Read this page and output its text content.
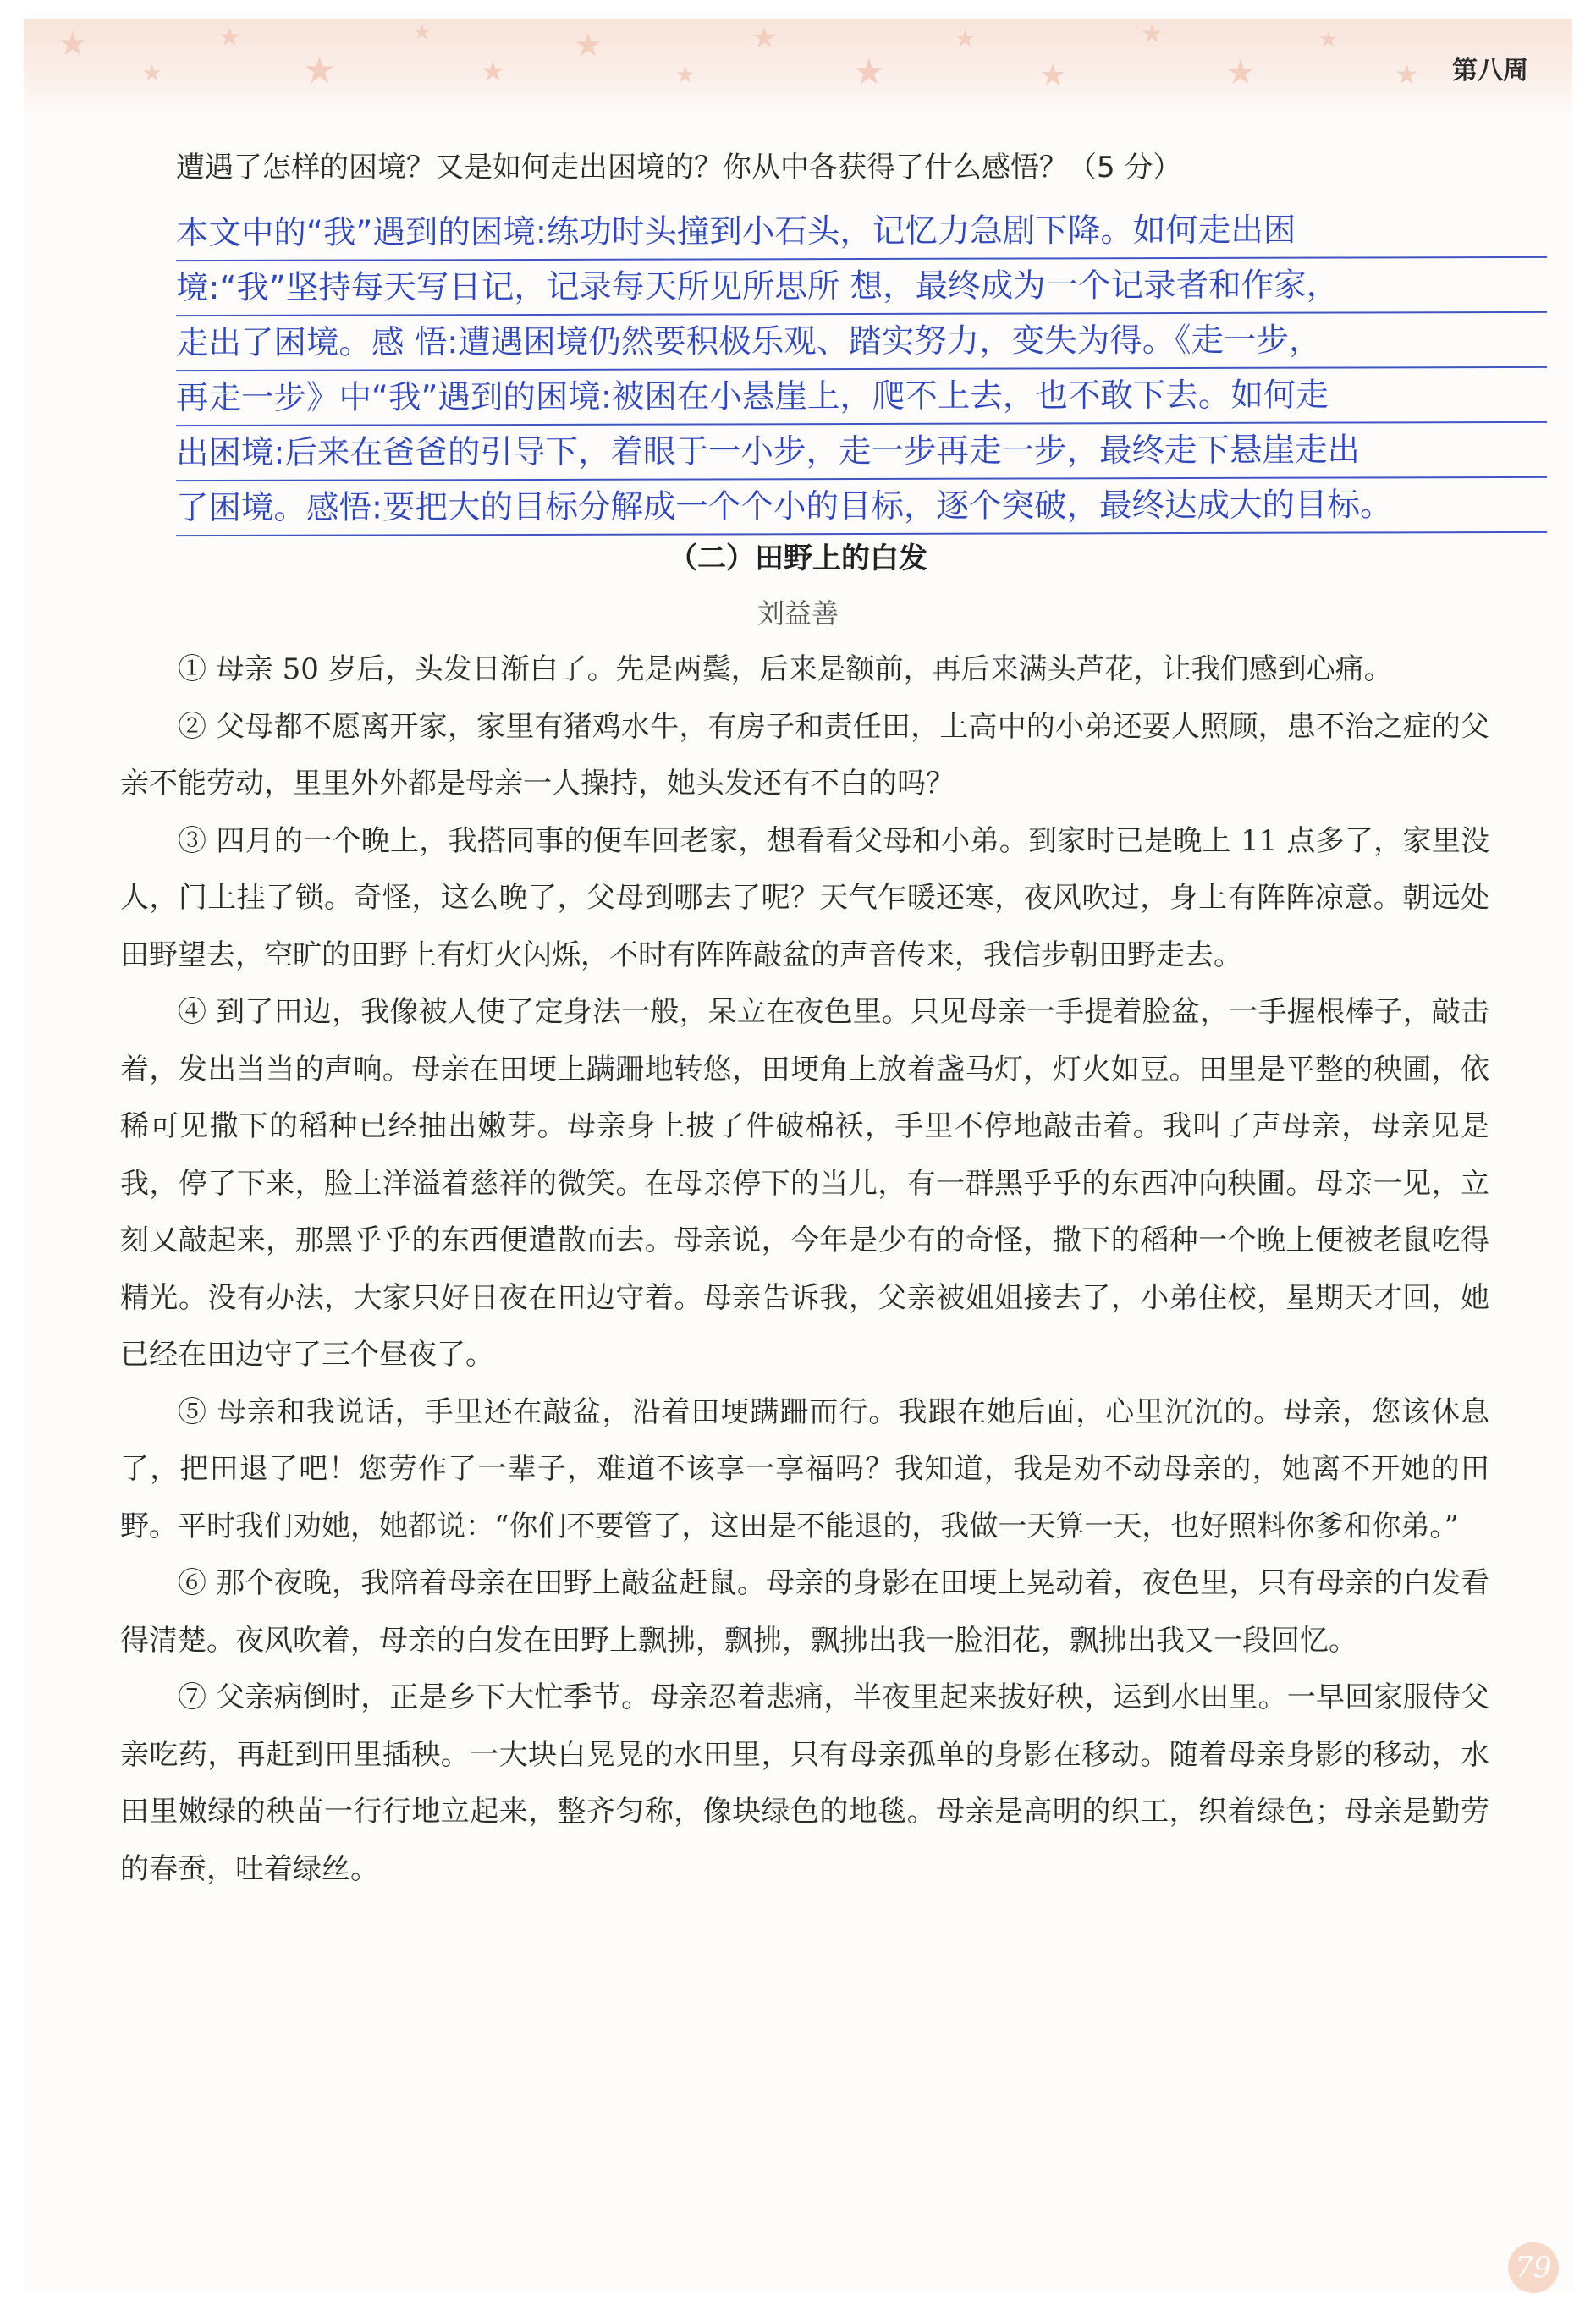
★
★
★
★
★
★
★
★
★
★
★
★
★
★
★
★ 第八周
遭遇了怎样的困境？又是如何走出困境的？你从中各获得了什么感悟？（5 分）
本文中的“我”遇到的困境:练功时头撞到小石头，记忆力急剧下降。如何走出困
境:“我”坚持每天写日记，记录每天所见所思所 想，最终成为一个记录者和作家，
走出了困境。感 悟:遭遇困境仍然要积极乐观、踏实努力，变失为得。《走一步，
再走一步》中“我”遇到的困境:被困在小悬崖上，爬不上去，也不敢下去。如何走
出困境:后来在爸爸的引导下，着眼于一小步，走一步再走一步，最终走下悬崖走出
了困境。感悟:要把大的目标分解成一个个小的目标，逐个突破，最终达成大的目标。
（二）田野上的白发
刘益善

① 母亲 50 岁后，头发日渐白了。先是两鬓，后来是额前，再后来满头芦花，让我们感到心痛。

② 父母都不愿离开家，家里有猪鸡水牛，有房子和责任田，上高中的小弟还要人照顾，患不治之症的父亲不能劳动，里里外外都是母亲一人操持，她头发还有不白的吗？

③ 四月的一个晚上，我搭同事的便车回老家，想看看父母和小弟。到家时已是晚上 11 点多了，家里没人，门上挂了锁。奇怪，这么晚了，父母到哪去了呢？天气乍暖还寒，夜风吹过，身上有阵阵凉意。朝远处田野望去，空旷的田野上有灯火闪烁，不时有阵阵敲盆的声音传来，我信步朝田野走去。

④ 到了田边，我像被人使了定身法一般，呆立在夜色里。只见母亲一手提着脸盆，一手握根棒子，敲击着，发出当当的声响。母亲在田埂上蹒跚地转悠，田埂角上放着盏马灯，灯火如豆。田里是平整的秧圃，依稀可见撒下的稻种已经抽出嫩芽。母亲身上披了件破棉袄，手里不停地敲击着。我叫了声母亲，母亲见是我，停了下来，脸上洋溢着慈祥的微笑。在母亲停下的当儿，有一群黑乎乎的东西冲向秧圃。母亲一见，立刻又敲起来，那黑乎乎的东西便遣散而去。母亲说，今年是少有的奇怪，撒下的稻种一个晚上便被老鼠吃得精光。没有办法，大家只好日夜在田边守着。母亲告诉我，父亲被姐姐接去了，小弟住校，星期天才回，她已经在田边守了三个昼夜了。

⑤ 母亲和我说话，手里还在敲盆，沿着田埂蹒跚而行。我跟在她后面，心里沉沉的。母亲，您该休息了，把田退了吧！您劳作了一辈子，难道不该享一享福吗？我知道，我是劝不动母亲的，她离不开她的田野。平时我们劝她，她都说：“你们不要管了，这田是不能退的，我做一天算一天，也好照料你爹和你弟。”

⑥ 那个夜晚，我陪着母亲在田野上敲盆赶鼠。母亲的身影在田埂上晃动着，夜色里，只有母亲的白发看得清楚。夜风吹着，母亲的白发在田野上飘拂，飘拂，飘拂出我一脸泪花，飘拂出我又一段回忆。

⑦ 父亲病倒时，正是乡下大忙季节。母亲忍着悲痛，半夜里起来拔好秧，运到水田里。一早回家服侍父亲吃药，再赶到田里插秧。一大块白晃晃的水田里，只有母亲孤单的身影在移动。随着母亲身影的移动，水田里嫩绿的秧苗一行行地立起来，整齐匀称，像块绿色的地毯。母亲是高明的织工，织着绿色；母亲是勤劳的春蚕，吐着绿丝。

79
